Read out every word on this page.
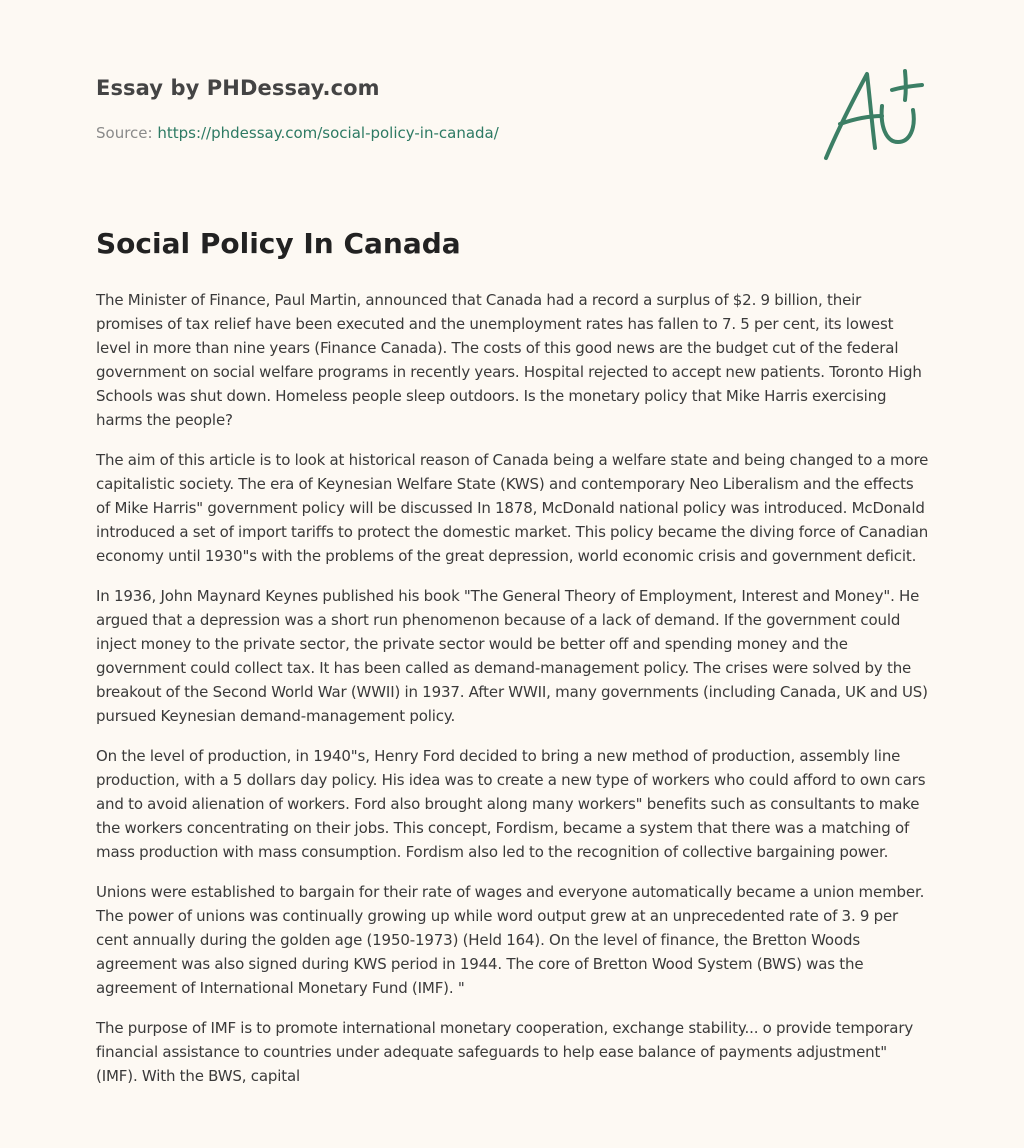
Essay by PHDessay.com
Source: https://phdessay.com/social-policy-in-canada/
Social Policy In Canada

The Minister of Finance, Paul Martin, announced that Canada had a record a surplus of $2. 9 billion, their promises of tax relief have been executed and the unemployment rates has fallen to 7. 5 per cent, its lowest level in more than nine years (Finance Canada). The costs of this good news are the budget cut of the federal government on social welfare programs in recently years. Hospital rejected to accept new patients. Toronto High Schools was shut down. Homeless people sleep outdoors. Is the monetary policy that Mike Harris exercising harms the people?

The aim of this article is to look at historical reason of Canada being a welfare state and being changed to a more capitalistic society. The era of Keynesian Welfare State (KWS) and contemporary Neo Liberalism and the effects of Mike Harris" government policy will be discussed In 1878, McDonald national policy was introduced. McDonald introduced a set of import tariffs to protect the domestic market. This policy became the diving force of Canadian economy until 1930"s with the problems of the great depression, world economic crisis and government deficit.

In 1936, John Maynard Keynes published his book "The General Theory of Employment, Interest and Money". He argued that a depression was a short run phenomenon because of a lack of demand. If the government could inject money to the private sector, the private sector would be better off and spending money and the government could collect tax. It has been called as demand-management policy. The crises were solved by the breakout of the Second World War (WWII) in 1937. After WWII, many governments (including Canada, UK and US) pursued Keynesian demand-management policy.

On the level of production, in 1940"s, Henry Ford decided to bring a new method of production, assembly line production, with a 5 dollars day policy. His idea was to create a new type of workers who could afford to own cars and to avoid alienation of workers. Ford also brought along many workers" benefits such as consultants to make the workers concentrating on their jobs. This concept, Fordism, became a system that there was a matching of mass production with mass consumption. Fordism also led to the recognition of collective bargaining power.

Unions were established to bargain for their rate of wages and everyone automatically became a union member. The power of unions was continually growing up while word output grew at an unprecedented rate of 3. 9 per cent annually during the golden age (1950-1973) (Held 164). On the level of finance, the Bretton Woods agreement was also signed during KWS period in 1944. The core of Bretton Wood System (BWS) was the agreement of International Monetary Fund (IMF). "

The purpose of IMF is to promote international monetary cooperation, exchange stability... o provide temporary financial assistance to countries under adequate safeguards to help ease balance of payments adjustment" (IMF). With the BWS, capital
